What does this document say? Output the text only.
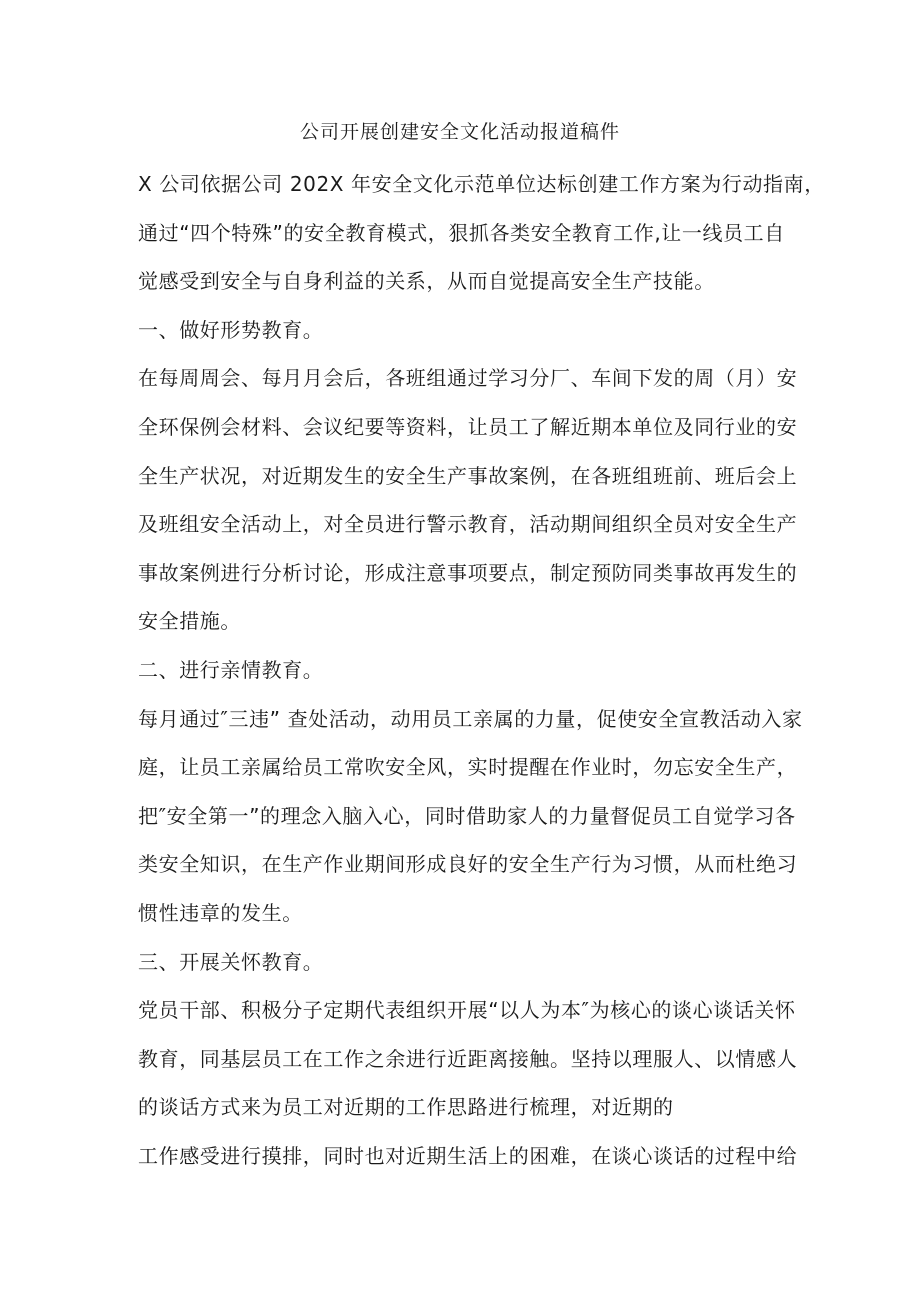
公司开展创建安全文化活动报道稿件
X 公司依据公司 202X 年安全文化示范单位达标创建工作方案为行动指南，
通过“四个特殊”的安全教育模式，狠抓各类安全教育工作,让一线员工自
觉感受到安全与自身利益的关系，从而自觉提高安全生产技能。
一、做好形势教育。
在每周周会、每月月会后，各班组通过学习分厂、车间下发的周（月）安
全环保例会材料、会议纪要等资料，让员工了解近期本单位及同行业的安
全生产状况，对近期发生的安全生产事故案例，在各班组班前、班后会上
及班组安全活动上，对全员进行警示教育，活动期间组织全员对安全生产
事故案例进行分析讨论，形成注意事项要点，制定预防同类事故再发生的
安全措施。
二、进行亲情教育。
每月通过″三违” 查处活动，动用员工亲属的力量，促使安全宣教活动入家
庭，让员工亲属给员工常吹安全风，实时提醒在作业时，勿忘安全生产，
把″安全第一”的理念入脑入心，同时借助家人的力量督促员工自觉学习各
类安全知识，在生产作业期间形成良好的安全生产行为习惯，从而杜绝习
惯性违章的发生。
三、开展关怀教育。
党员干部、积极分子定期代表组织开展“以人为本″为核心的谈心谈话关怀
教育，同基层员工在工作之余进行近距离接触。坚持以理服人、以情感人
的谈话方式来为员工对近期的工作思路进行梳理，对近期的
工作感受进行摸排，同时也对近期生活上的困难，在谈心谈话的过程中给
